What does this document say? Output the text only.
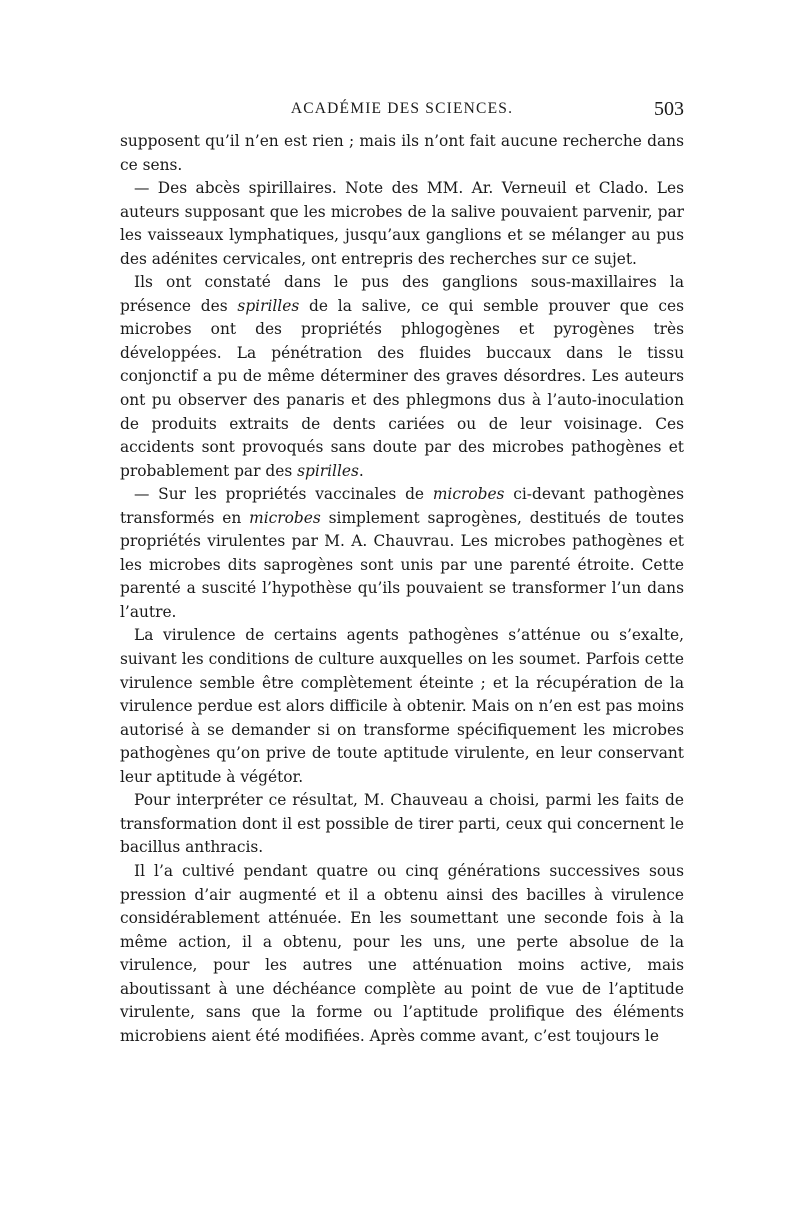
ACADÉMIE DES SCIENCES.	503

supposent qu’il n’en est rien ; mais ils n’ont fait aucune recherche dans ce sens.

— Des abcès spirillaires. Note des MM. Ar. Verneuil et Clado. Les auteurs supposant que les microbes de la salive pouvaient parvenir, par les vaisseaux lymphatiques, jusqu’aux ganglions et se mélanger au pus des adénites cervicales, ont entrepris des recherches sur ce sujet.

Ils ont constaté dans le pus des ganglions sous-maxillaires la présence des spirilles de la salive, ce qui semble prouver que ces microbes ont des propriétés phlogogènes et pyrogènes très développées. La pénétration des fluides buccaux dans le tissu conjonctif a pu de même déterminer des graves désordres. Les auteurs ont pu observer des panaris et des phlegmons dus à l’auto-inoculation de produits extraits de dents cariées ou de leur voisinage. Ces accidents sont provoqués sans doute par des microbes pathogènes et probablement par des spirilles.

— Sur les propriétés vaccinales de microbes ci-devant pathogènes transformés en microbes simplement saprogènes, destitués de toutes propriétés virulentes par M. A. Chauvrau. Les microbes pathogènes et les microbes dits saprogènes sont unis par une parenté étroite. Cette parenté a suscité l’hypothèse qu’ils pouvaient se transformer l’un dans l’autre.

La virulence de certains agents pathogènes s’atténue ou s’exalte, suivant les conditions de culture auxquelles on les soumet. Parfois cette virulence semble être complètement éteinte ; et la récupération de la virulence perdue est alors difficile à obtenir. Mais on n’en est pas moins autorisé à se demander si on transforme spécifiquement les microbes pathogènes qu’on prive de toute aptitude virulente, en leur conservant leur aptitude à végétor.

Pour interpréter ce résultat, M. Chauveau a choisi, parmi les faits de transformation dont il est possible de tirer parti, ceux qui concernent le bacillus anthracis.

Il l’a cultivé pendant quatre ou cinq générations successives sous pression d’air augmenté et il a obtenu ainsi des bacilles à virulence considérablement atténuée. En les soumettant une seconde fois à la même action, il a obtenu, pour les uns, une perte absolue de la virulence, pour les autres une atténuation moins active, mais aboutissant à une déchéance complète au point de vue de l’aptitude virulente, sans que la forme ou l’aptitude prolifique des éléments microbiens aient été modifiées. Après comme avant, c’est toujours le
